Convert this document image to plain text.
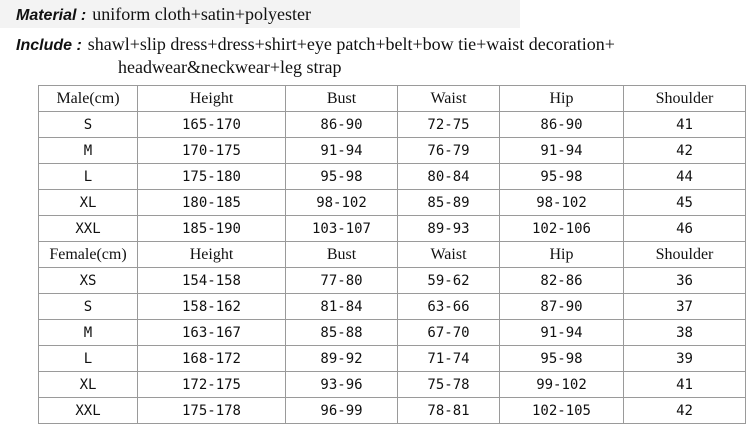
Material : uniform cloth+satin+polyester
Include : shawl+slip dress+dress+shirt+eye patch+belt+bow tie+waist decoration+
headwear&neckwear+leg strap
Male(cm)	Height	Bust	Waist	Hip	Shoulder
S	165-170	86-90	72-75	86-90	41
M	170-175	91-94	76-79	91-94	42
L	175-180	95-98	80-84	95-98	44
XL	180-185	98-102	85-89	98-102	45
XXL	185-190	103-107	89-93	102-106	46
Female(cm)	Height	Bust	Waist	Hip	Shoulder
XS	154-158	77-80	59-62	82-86	36
S	158-162	81-84	63-66	87-90	37
M	163-167	85-88	67-70	91-94	38
L	168-172	89-92	71-74	95-98	39
XL	172-175	93-96	75-78	99-102	41
XXL	175-178	96-99	78-81	102-105	42
